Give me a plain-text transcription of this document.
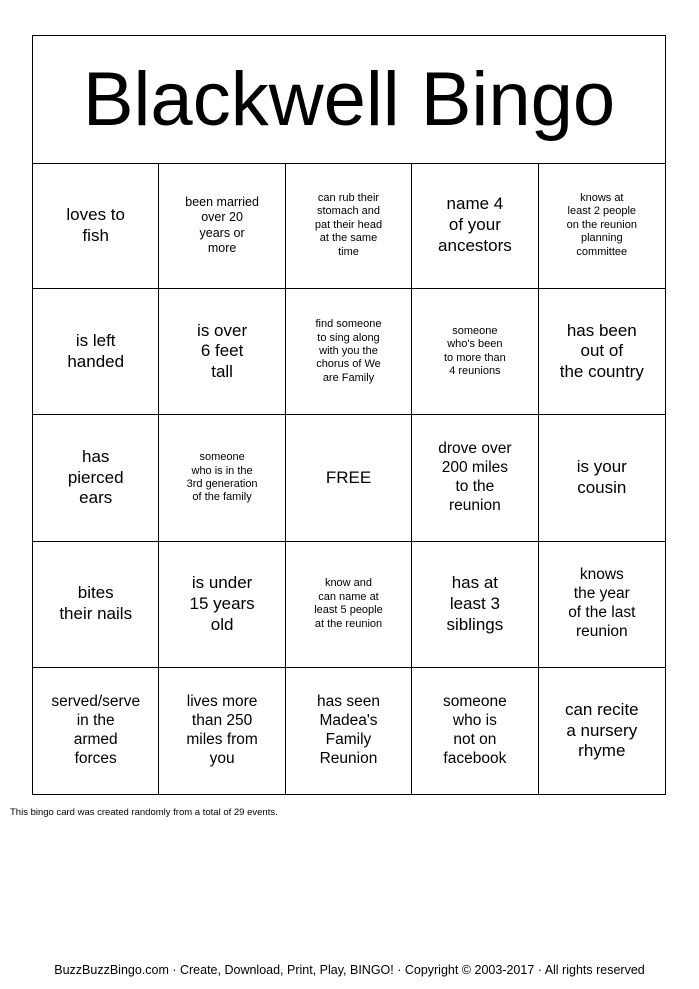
Blackwell Bingo
loves to
fish
been married
over 20
years or
more
can rub their
stomach and
pat their head
at the same
time
name 4
of your
ancestors
knows at
least 2 people
on the reunion
planning
committee
is left
handed
is over
6 feet
tall
find someone
to sing along
with you the
chorus of We
are Family
someone
who's been
to more than
4 reunions
has been
out of
the country
has
pierced
ears
someone
who is in the
3rd generation
of the family
FREE
drove over
200 miles
to the
reunion
is your
cousin
bites
their nails
is under
15 years
old
know and
can name at
least 5 people
at the reunion
has at
least 3
siblings
knows
the year
of the last
reunion
served/serve
in the
armed
forces
lives more
than 250
miles from
you
has seen
Madea's
Family
Reunion
someone
who is
not on
facebook
can recite
a nursery
rhyme
This bingo card was created randomly from a total of 29 events.
BuzzBuzzBingo.com · Create, Download, Print, Play, BINGO! · Copyright © 2003-2017 · All rights reserved
